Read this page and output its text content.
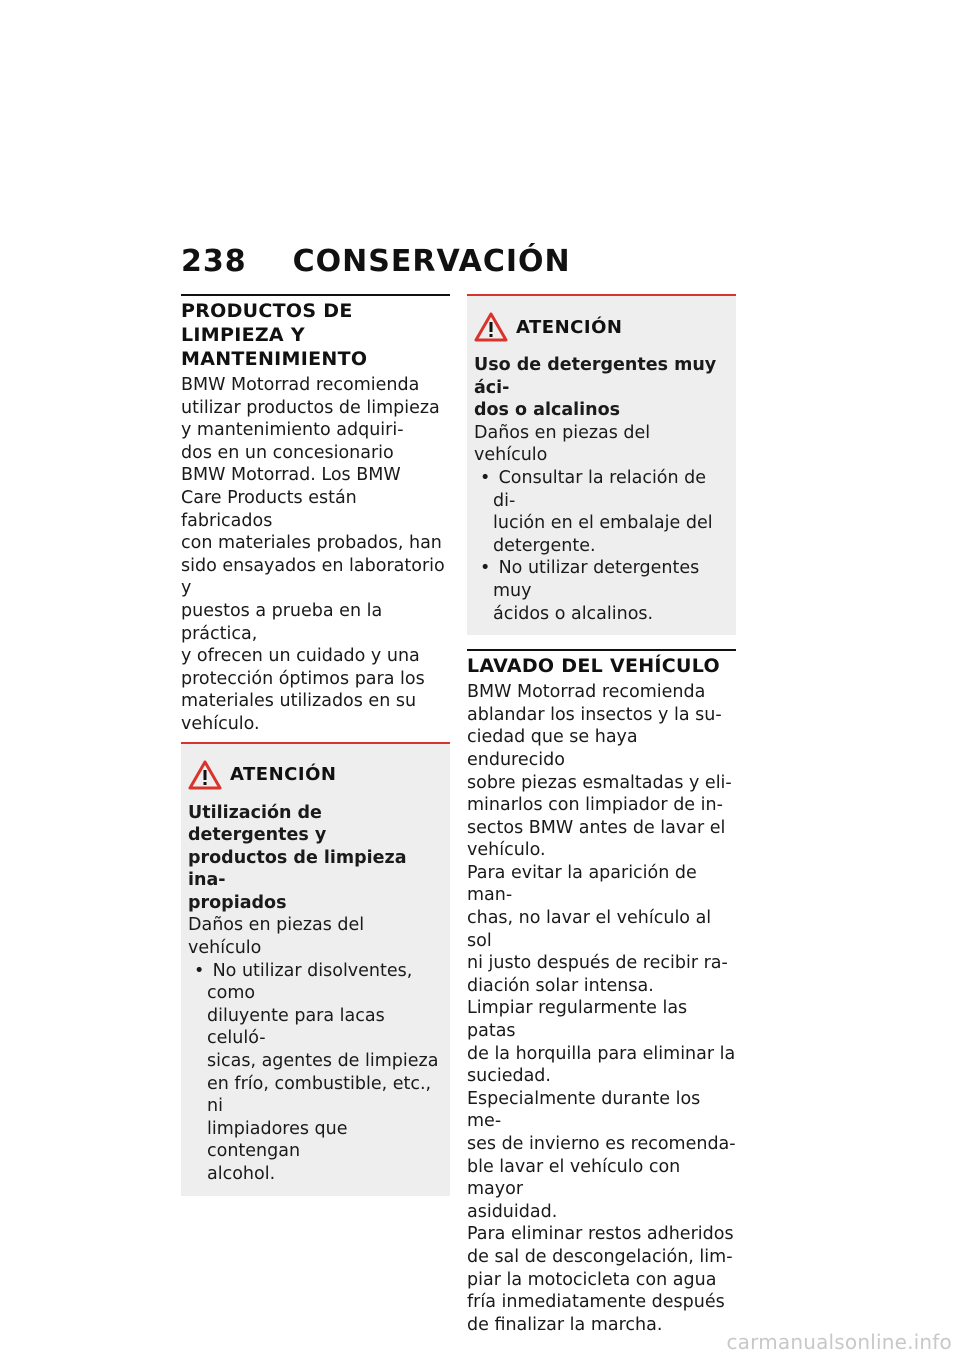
238 CONSERVACIÓN
PRODUCTOS DE LIMPIEZA Y MANTENIMIENTO

BMW Motorrad recomienda

utilizar productos de limpieza

y mantenimiento adquiri-

dos en un concesionario

BMW Motorrad. Los BMW

Care Products están fabricados

con materiales probados, han

sido ensayados en laboratorio y

puestos a prueba en la práctica,

y ofrecen un cuidado y una

protección óptimos para los

materiales utilizados en su

vehículo.

ATENCIÓN

Utilización de detergentes y

productos de limpieza ina-

propiados

Daños en piezas del vehículo

• No utilizar disolventes, como
diluyente para lacas celuló-
sicas, agentes de limpieza
en frío, combustible, etc., ni
limpiadores que contengan
alcohol.
ATENCIÓN

Uso de detergentes muy áci-

dos o alcalinos

Daños en piezas del vehículo

• Consultar la relación de di-
lución en el embalaje del
detergente.
• No utilizar detergentes muy
ácidos o alcalinos.
LAVADO DEL VEHÍCULO

BMW Motorrad recomienda

ablandar los insectos y la su-

ciedad que se haya endurecido

sobre piezas esmaltadas y eli-

minarlos con limpiador de in-

sectos BMW antes de lavar el

vehículo.

Para evitar la aparición de man-

chas, no lavar el vehículo al sol

ni justo después de recibir ra-

diación solar intensa.

Limpiar regularmente las patas

de la horquilla para eliminar la

suciedad.

Especialmente durante los me-

ses de invierno es recomenda-

ble lavar el vehículo con mayor

asiduidad.

Para eliminar restos adheridos

de sal de descongelación, lim-

piar la motocicleta con agua

fría inmediatamente después

de finalizar la marcha.

carmanualsonline.info
